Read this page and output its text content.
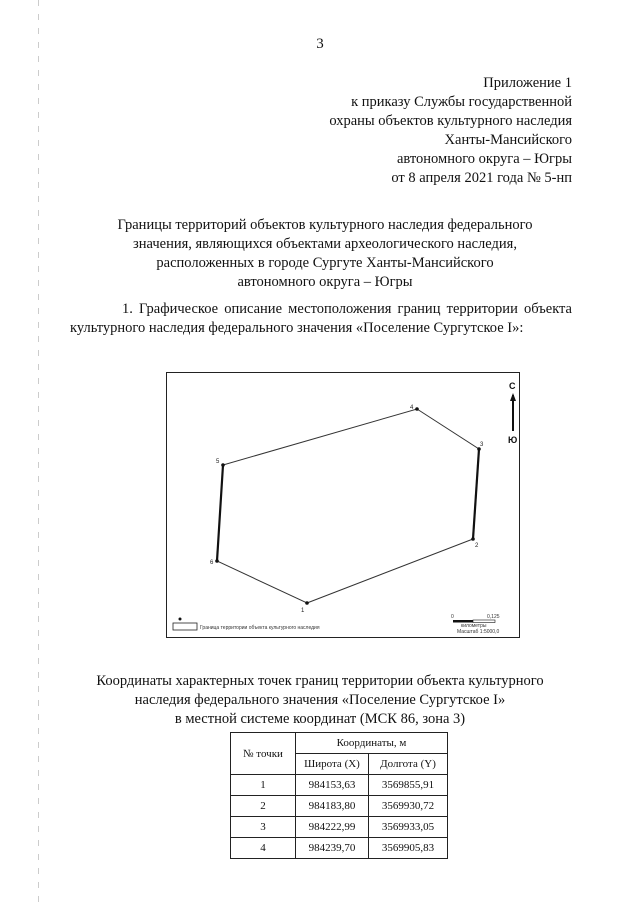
3
Приложение 1
к приказу Службы государственной
охраны объектов культурного наследия
Ханты-Мансийского
автономного округа – Югры
от 8 апреля 2021 года № 5-нп
Границы территорий объектов культурного наследия федерального
значения, являющихся объектами археологического наследия,
расположенных в городе Сургуте Ханты-Мансийского
автономного округа – Югры
1. Графическое описание местоположения границ территории объекта культурного наследия федерального значения «Поселение Сургутское I»:
1
2
3
4
5
6
С
Ю
Граница территории объекта культурного наследия
0	0,125
километры
Масштаб 1:5000,0
Координаты характерных точек границ территории объекта культурного
наследия федерального значения «Поселение Сургутское I»
в местной системе координат (МСК 86, зона 3)
№ точки	Координаты, м	
	Широта (X)	Долгота (Y)
1	984153,63	3569855,91
2	984183,80	3569930,72
3	984222,99	3569933,05
4	984239,70	3569905,83
